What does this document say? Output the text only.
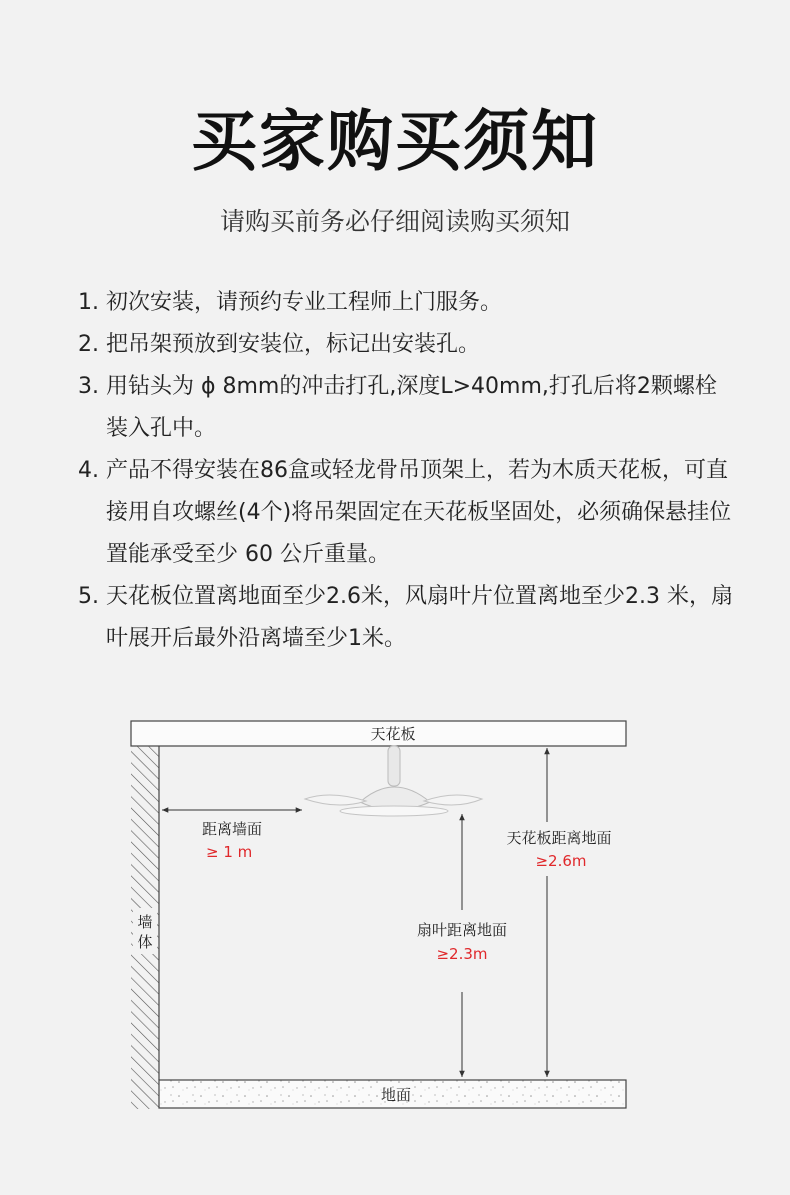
买家购买须知
请购买前务必仔细阅读购买须知
1. 初次安装，请预约专业工程师上门服务。
2. 把吊架预放到安装位，标记出安装孔。
3. 用钻头为 ϕ 8mm的冲击打孔,深度L>40mm,打孔后将2颗螺栓装入孔中。
4. 产品不得安装在86盒或轻龙骨吊顶架上，若为木质天花板，可直接用自攻螺丝(4个)将吊架固定在天花板坚固处，必须确保悬挂位置能承受至少 60 公斤重量。
5. 天花板位置离地面至少2.6米，风扇叶片位置离地至少2.3 米，扇叶展开后最外沿离墙至少1米。
天花板
墙
体
地面
距离墙面
≥ 1 m
扇叶距离地面
≥2.3m
天花板距离地面
≥2.6m
